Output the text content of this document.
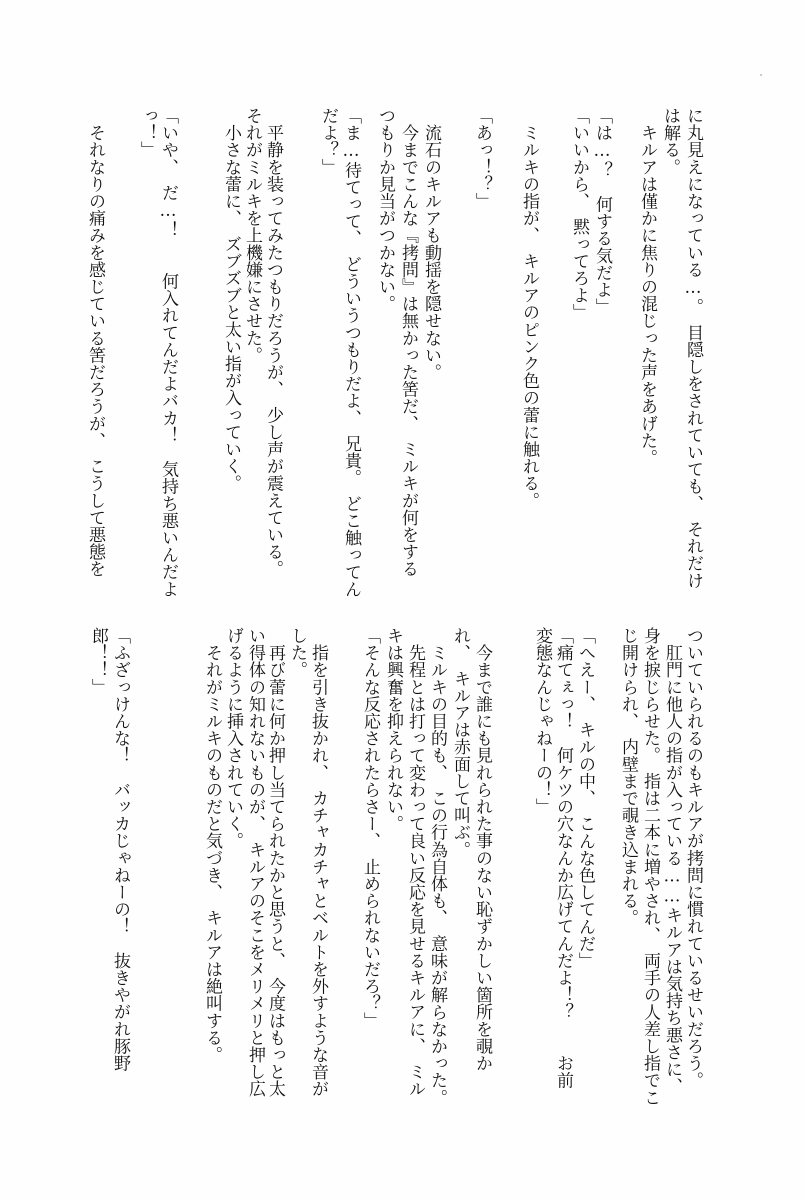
に丸見えになっている…。　目隠しをされていても、　それだけ
は解る。
　キルアは僅かに焦りの混じった声をあげた。
「は…？　何する気だよ」
「いいから、　黙ってろよ」
　ミルキの指が、　キルアのピンク色の蕾に触れる。
「あっ！？」
　流石のキルアも動揺を隠せない。
　今までこんな『拷問』は無かった筈だ、　ミルキが何をする
つもりか見当がつかない。
「ま…待てって、　どういうつもりだよ、　兄貴。　どこ触ってん
だよ？」
　平静を装ってみたつもりだろうが、　少し声が震えている。
それがミルキを上機嫌にさせた。
　小さな蕾に、　ズブズブと太い指が入っていく。
「いや、　だ…！　　何入れてんだよバカ！　気持ち悪いんだよ
っ！」
　それなりの痛みを感じている筈だろうが、　こうして悪態を
ついていられるのもキルアが拷問に慣れているせいだろう。
　肛門に他人の指が入っている……キルアは気持ち悪さに、
身を捩じらせた。　指は二本に増やされ、　両手の人差し指でこ
じ開けられ、　内壁まで覗き込まれる。
「へえー、　キルの中、　こんな色してんだ」
「痛てぇっ！　何ケツの穴なんか広げてんだよ！？　　お前
変態なんじゃねーの！」
　今まで誰にも見れられた事のない恥ずかしい箇所を覗か
れ、　キルアは赤面して叫ぶ。
　ミルキの目的も、　この行為自体も、　意味が解らなかった。
　先程とは打って変わって良い反応を見せるキルアに、　ミル
キは興奮を抑えられない。
「そんな反応されたらさー、　止められないだろ？」
　指を引き抜かれ、　カチャカチャとベルトを外すような音が
した。
　再び蕾に何か押し当てられたかと思うと、　今度はもっと太
い得体の知れないものが、　キルアのそこをメリメリと押し広
げるように挿入されていく。
　それがミルキのものだと気づき、　キルアは絶叫する。
「ふざっけんな！　バッカじゃねーの！　抜きやがれ豚野
郎！！」
